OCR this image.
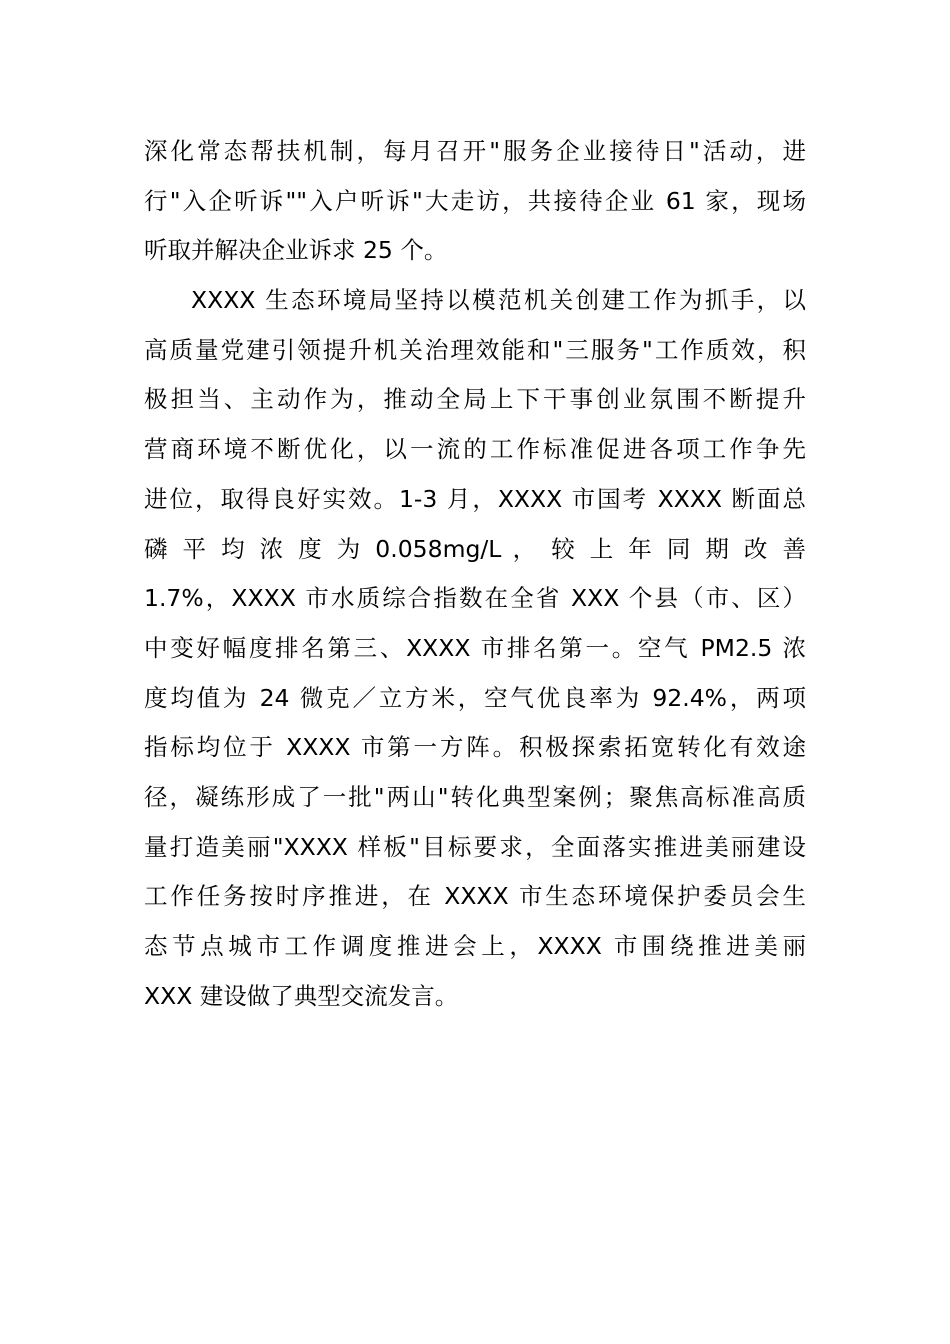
深化常态帮扶机制，每月召开"服务企业接待日"活动，进
行"入企听诉""入户听诉"大走访，共接待企业 61 家，现场
听取并解决企业诉求 25 个。
XXXX 生态环境局坚持以模范机关创建工作为抓手，以
高质量党建引领提升机关治理效能和"三服务"工作质效，积
极担当、主动作为，推动全局上下干事创业氛围不断提升
营商环境不断优化，以一流的工作标准促进各项工作争先
进位，取得良好实效。1-3 月，XXXX 市国考 XXXX 断面总
磷 平 均 浓 度 为 0.058mg/L ， 较 上 年 同 期 改 善
1.7%，XXXX 市水质综合指数在全省 XXX 个县（市、区）
中变好幅度排名第三、XXXX 市排名第一。空气 PM2.5 浓
度均值为 24 微克／立方米，空气优良率为 92.4%，两项
指标均位于 XXXX 市第一方阵。积极探索拓宽转化有效途
径，凝练形成了一批"两山"转化典型案例；聚焦高标准高质
量打造美丽"XXXX 样板"目标要求，全面落实推进美丽建设
工作任务按时序推进，在 XXXX 市生态环境保护委员会生
态节点城市工作调度推进会上，XXXX 市围绕推进美丽
XXX 建设做了典型交流发言。
